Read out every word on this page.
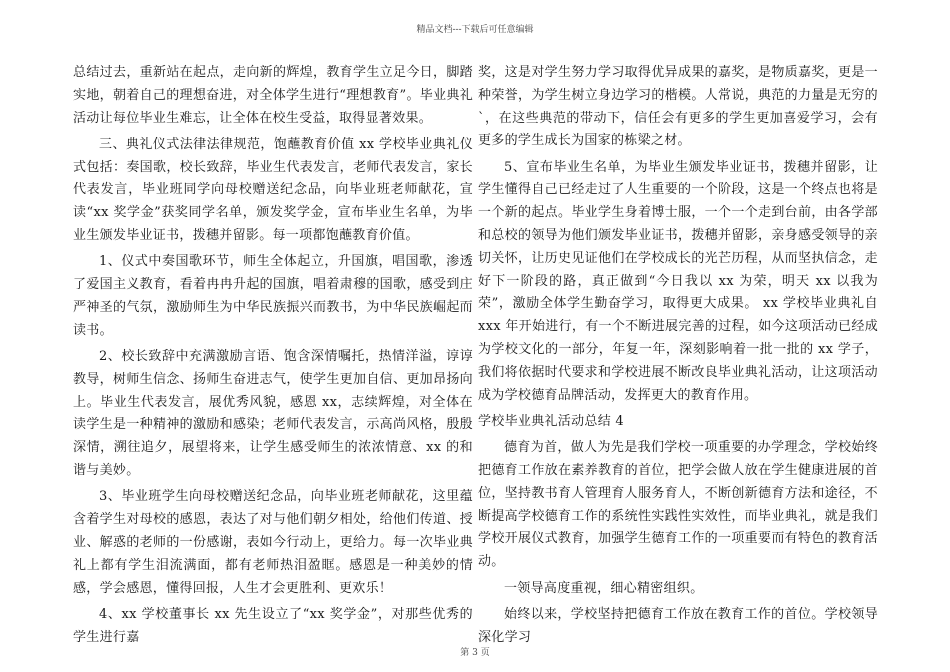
精品文档---下载后可任意编辑

总结过去，重新站在起点，走向新的辉煌，教育学生立足今日，脚踏实地，朝着自己的理想奋进，对全体学生进行“理想教育”。毕业典礼活动让每位毕业生难忘，让全体在校生受益，取得显著效果。

三、典礼仪式法律法律规范，饱蘸教育价值 xx 学校毕业典礼仪式包括：奏国歌，校长致辞，毕业生代表发言，老师代表发言，家长代表发言，毕业班同学向母校赠送纪念品，向毕业班老师献花，宣读“xx 奖学金”获奖同学名单，颁发奖学金，宣布毕业生名单，为毕业生颁发毕业证书，拨穗并留影。每一项都饱蘸教育价值。

1、仪式中奏国歌环节，师生全体起立，升国旗，唱国歌，渗透了爱国主义教育，看着冉冉升起的国旗，唱着肃穆的国歌，感受到庄严神圣的气氛，激励师生为中华民族振兴而教书，为中华民族崛起而读书。

2、校长致辞中充满激励言语、饱含深情嘱托，热情洋溢，谆谆教导，树师生信念、扬师生奋进志气，使学生更加自信、更加昂扬向上。毕业生代表发言，展优秀风貌，感恩 xx，志续辉煌，对全体在读学生是一种精神的激励和感染；老师代表发言，示高尚风格，殷殷深情，溯往追夕，展望将来，让学生感受师生的浓浓情意、xx 的和谐与美妙。

3、毕业班学生向母校赠送纪念品，向毕业班老师献花，这里蕴含着学生对母校的感恩，表达了对与他们朝夕相处，给他们传道、授业、解惑的老师的一份感谢，表如今行动上，更给力。每一次毕业典礼上都有学生泪流满面，都有老师热泪盈眶。感恩是一种美妙的情感，学会感恩，懂得回报，人生才会更胜利、更欢乐！

4、xx 学校董事长 xx 先生设立了“xx 奖学金”，对那些优秀的学生进行嘉

奖，这是对学生努力学习取得优异成果的嘉奖，是物质嘉奖，更是一种荣誉，为学生树立身边学习的楷模。人常说，典范的力量是无穷的`，在这些典范的带动下，信任会有更多的学生更加喜爱学习，会有更多的学生成长为国家的栋梁之材。

5、宣布毕业生名单，为毕业生颁发毕业证书，拨穗并留影，让学生懂得自己已经走过了人生重要的一个阶段，这是一个终点也将是一个新的起点。毕业学生身着博士服，一个一个走到台前，由各学部和总校的领导为他们颁发毕业证书，拨穗并留影，亲身感受领导的亲切关怀，让历史见证他们在学校成长的光芒历程，从而坚执信念，走好下一阶段的路，真正做到“今日我以 xx 为荣，明天 xx 以我为荣”，激励全体学生勤奋学习，取得更大成果。 xx 学校毕业典礼自 xxx 年开始进行，有一个不断进展完善的过程，如今这项活动已经成为学校文化的一部分，年复一年，深刻影响着一批一批的 xx 学子，我们将依据时代要求和学校进展不断改良毕业典礼活动，让这项活动成为学校德育品牌活动，发挥更大的教育作用。

学校毕业典礼活动总结 4

德育为首，做人为先是我们学校一项重要的办学理念，学校始终把德育工作放在素养教育的首位，把学会做人放在学生健康进展的首位，坚持教书育人管理育人服务育人，不断创新德育方法和途径，不断提高学校德育工作的系统性实践性实效性，而毕业典礼，就是我们学校开展仪式教育，加强学生德育工作的一项重要而有特色的教育活动。

一领导高度重视，细心精密组织。

始终以来，学校坚持把德育工作放在教育工作的首位。学校领导深化学习

第 3 页
